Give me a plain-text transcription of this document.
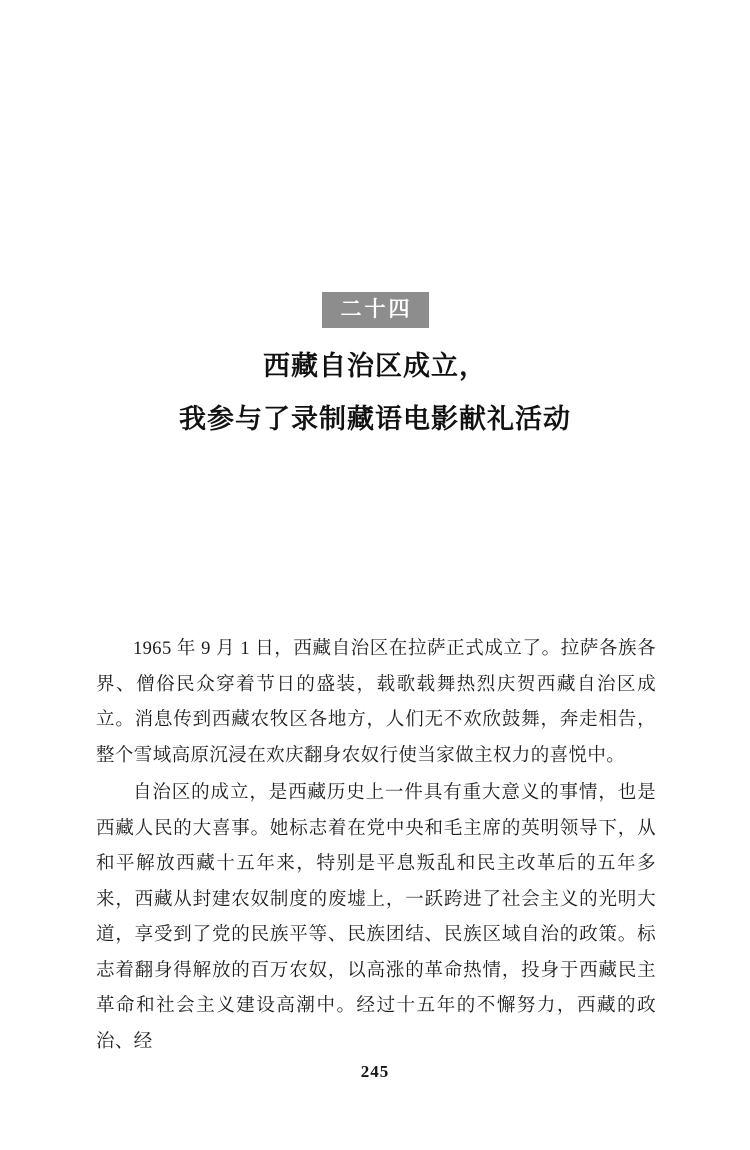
二十四
西藏自治区成立，
我参与了录制藏语电影献礼活动

1965 年 9 月 1 日，西藏自治区在拉萨正式成立了。拉萨各族各界、僧俗民众穿着节日的盛装，载歌载舞热烈庆贺西藏自治区成立。消息传到西藏农牧区各地方，人们无不欢欣鼓舞，奔走相告，整个雪域高原沉浸在欢庆翻身农奴行使当家做主权力的喜悦中。

自治区的成立，是西藏历史上一件具有重大意义的事情，也是西藏人民的大喜事。她标志着在党中央和毛主席的英明领导下，从和平解放西藏十五年来，特别是平息叛乱和民主改革后的五年多来，西藏从封建农奴制度的废墟上，一跃跨进了社会主义的光明大道，享受到了党的民族平等、民族团结、民族区域自治的政策。标志着翻身得解放的百万农奴，以高涨的革命热情，投身于西藏民主革命和社会主义建设高潮中。经过十五年的不懈努力，西藏的政治、经

245
